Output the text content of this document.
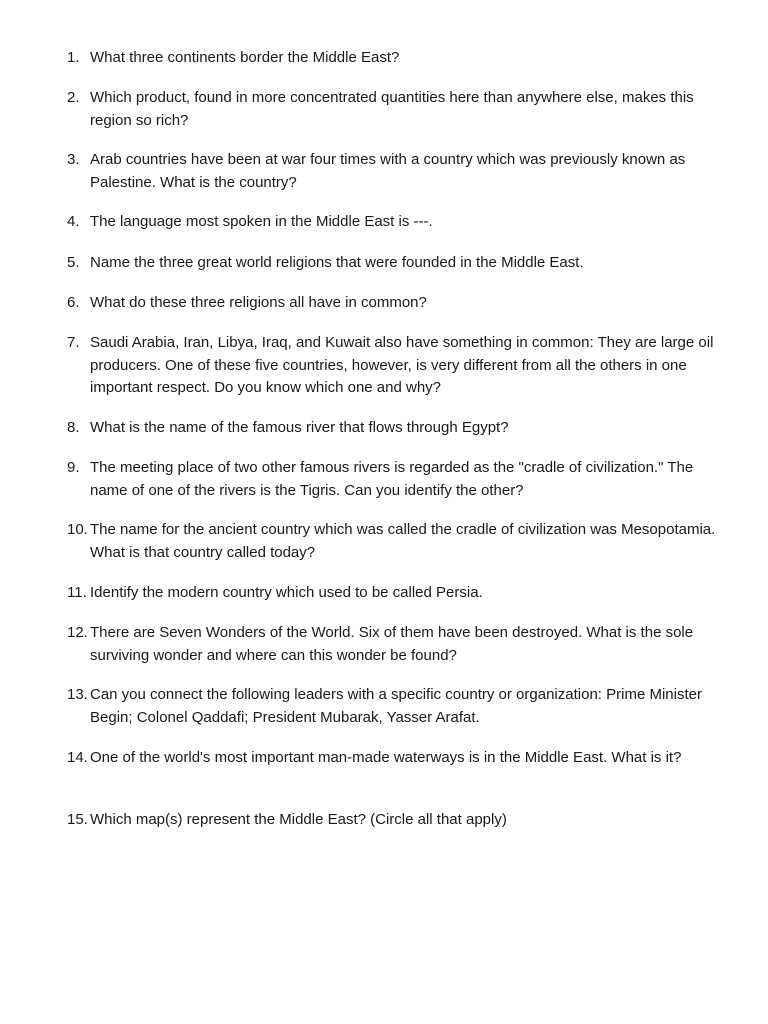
1. What three continents border the Middle East?
2. Which product, found in more concentrated quantities here than anywhere else, makes this region so rich?
3. Arab countries have been at war four times with a country which was previously known as Palestine. What is the country?
4. The language most spoken in the Middle East is ---.
5. Name the three great world religions that were founded in the Middle East.
6. What do these three religions all have in common?
7. Saudi Arabia, Iran, Libya, Iraq, and Kuwait also have something in common: They are large oil producers. One of these five countries, however, is very different from all the others in one important respect. Do you know which one and why?
8. What is the name of the famous river that flows through Egypt?
9. The meeting place of two other famous rivers is regarded as the "cradle of civilization." The name of one of the rivers is the Tigris. Can you identify the other?
10. The name for the ancient country which was called the cradle of civilization was Mesopotamia. What is that country called today?
11. Identify the modern country which used to be called Persia.
12. There are Seven Wonders of the World. Six of them have been destroyed. What is the sole surviving wonder and where can this wonder be found?
13. Can you connect the following leaders with a specific country or organization: Prime Minister Begin; Colonel Qaddafi; President Mubarak, Yasser Arafat.
14. One of the world's most important man-made waterways is in the Middle East. What is it?
15. Which map(s) represent the Middle East? (Circle all that apply)
